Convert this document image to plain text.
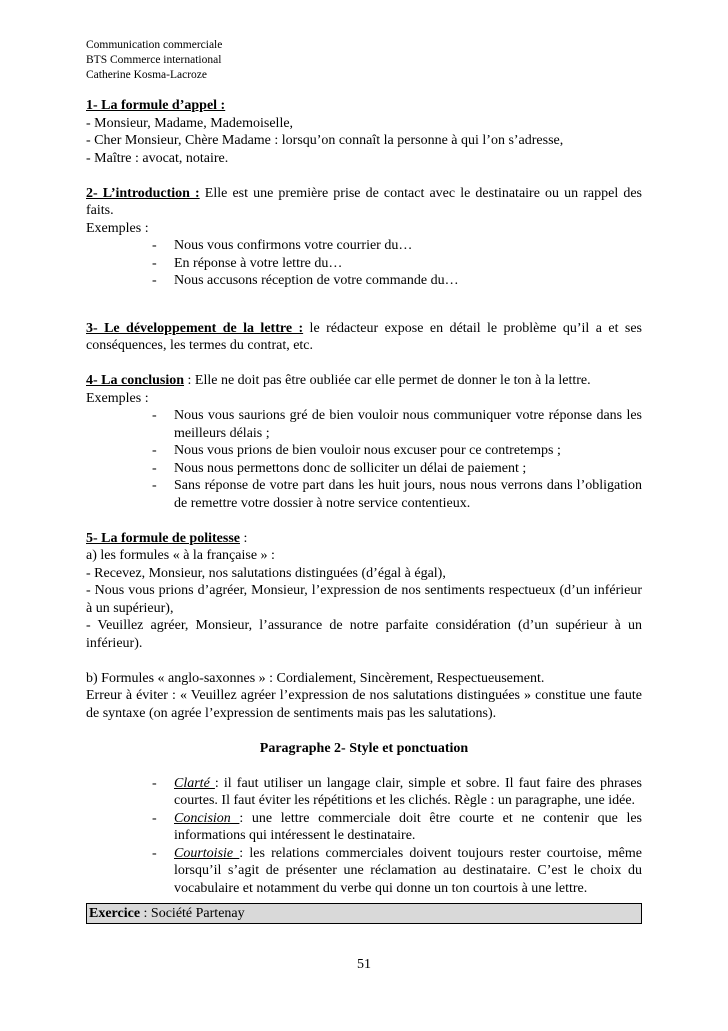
Communication commerciale
BTS Commerce international
Catherine Kosma-Lacroze

1- La formule d’appel :

- Monsieur, Madame, Mademoiselle,

- Cher Monsieur, Chère Madame : lorsqu’on connaît la personne à qui l’on s’adresse,

- Maître : avocat, notaire.

2- L’introduction : Elle est une première prise de contact avec le destinataire ou un rappel des faits.

Exemples :

- Nous vous confirmons votre courrier du…
- En réponse à votre lettre du…
- Nous accusons réception de votre commande du…

3- Le développement de la lettre : le rédacteur expose en détail le problème qu’il a et ses conséquences, les termes du contrat, etc.

4- La conclusion : Elle ne doit pas être oubliée car elle permet de donner le ton à la lettre.

Exemples :

- Nous vous saurions gré de bien vouloir nous communiquer votre réponse dans les meilleurs délais ;
- Nous vous prions de bien vouloir nous excuser pour ce contretemps ;
- Nous nous permettons donc de solliciter un délai de paiement ;
- Sans réponse de votre part dans les huit jours, nous nous verrons dans l’obligation de remettre votre dossier à notre service contentieux.

5- La formule de politesse :

a) les formules « à la française » :

- Recevez, Monsieur, nos salutations distinguées (d’égal à égal),

- Nous vous prions d’agréer, Monsieur, l’expression de nos sentiments respectueux (d’un inférieur à un supérieur),

- Veuillez agréer, Monsieur, l’assurance de notre parfaite considération (d’un supérieur à un inférieur).

b) Formules « anglo-saxonnes » : Cordialement, Sincèrement, Respectueusement.

Erreur à éviter : « Veuillez agréer l’expression de nos salutations distinguées » constitue une faute de syntaxe (on agrée l’expression de sentiments mais pas les salutations).

Paragraphe 2- Style et ponctuation

- Clarté : il faut utiliser un langage clair, simple et sobre. Il faut faire des phrases courtes. Il faut éviter les répétitions et les clichés. Règle : un paragraphe, une idée.
- Concision : une lettre commerciale doit être courte et ne contenir que les informations qui intéressent le destinataire.
- Courtoisie : les relations commerciales doivent toujours rester courtoise, même lorsqu’il s’agit de présenter une réclamation au destinataire. C’est le choix du vocabulaire et notamment du verbe qui donne un ton courtois à une lettre.
Exercice : Société Partenay
51
